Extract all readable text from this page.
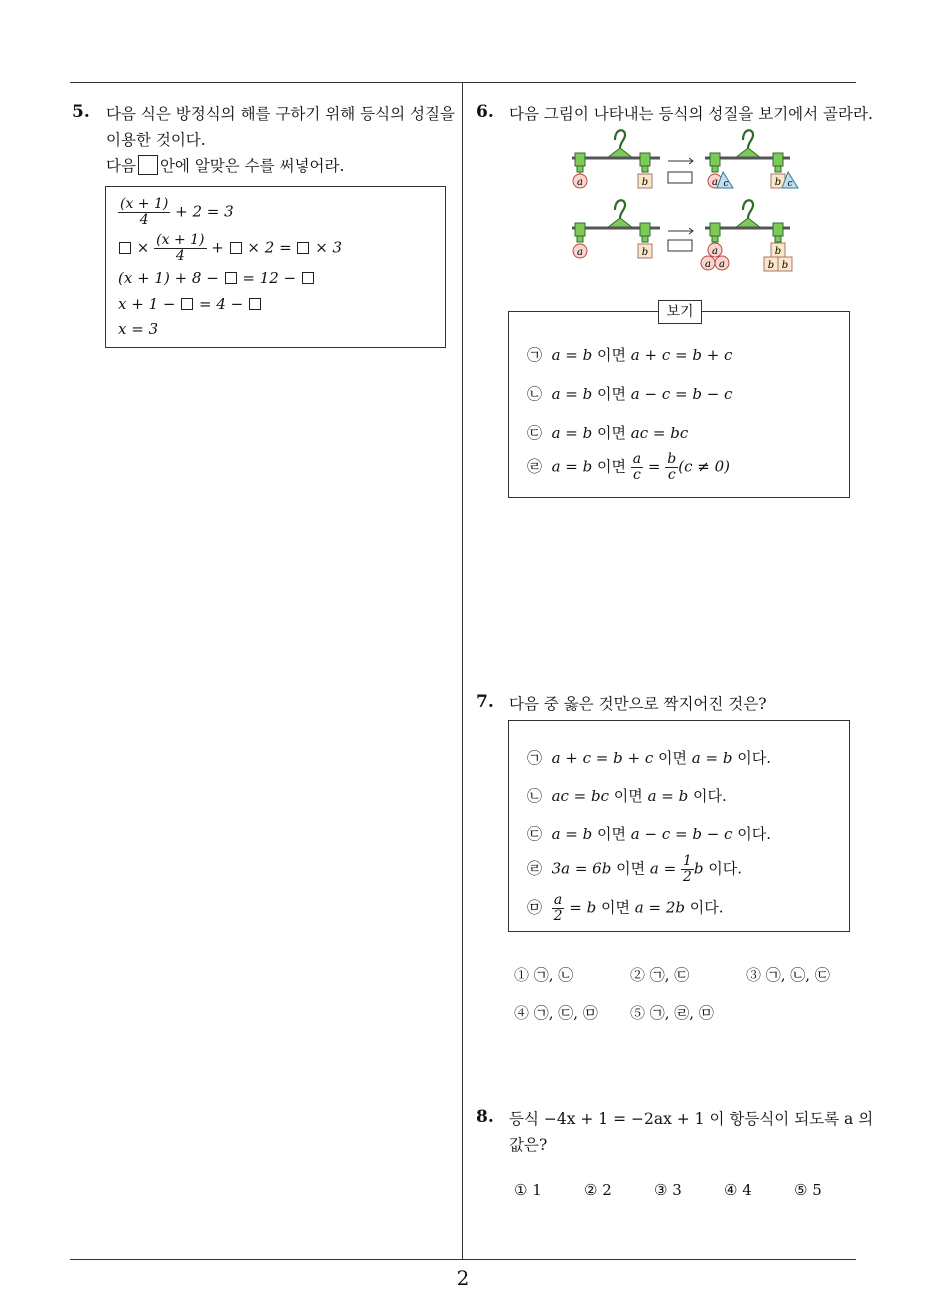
2
5. 다음 식은 방정식의 해를 구하기 위해 등식의 성질을
이용한 것이다.
다음 안에 알맞은 수를 써넣어라.
$\frac{(x + 1)}{4} + 2 = 3$
× $\frac{(x + 1)}{4}$ + × 2 = × 3
(x + 1) + 8 − = 12 −
x + 1 − = 4 −
x = 3
6. 다음 그림이 나타내는 등식의 성질을 보기에서 골라라.
a	b	a c	b c
a	b	a
a a
b
b b
㉠ a = b 이면 a + c = b + c
㉡ a = b 이면 a − c = b − c
㉢ a = b 이면 ac = bc
㉣ a = b 이면 $\frac{a}{c} = \frac{b}{c} (c \ne 0)$
보기
7. 다음 중 옳은 것만으로 짝지어진 것은?
㉠ a + c = b + c 이면 a = b 이다.
㉡ ac = bc 이면 a = b 이다.
㉢ a = b 이면 a − c = b − c 이다.
㉣ 3a = 6b 이면 $a = \frac{1}{2}$ b 이다.
㉤ $\frac{a}{2} = b$ 이면 a = 2b 이다.
① ㉠, ㉡	② ㉠, ㉢	③ ㉠, ㉡, ㉢
④ ㉠, ㉢, ㉤ ⑤ ㉠, ㉣, ㉤
8. 등식 −4x + 1 = −2ax + 1 이 항등식이 되도록 a 의
값은?
① 1	② 2	③ 3	④ 4	⑤ 5
